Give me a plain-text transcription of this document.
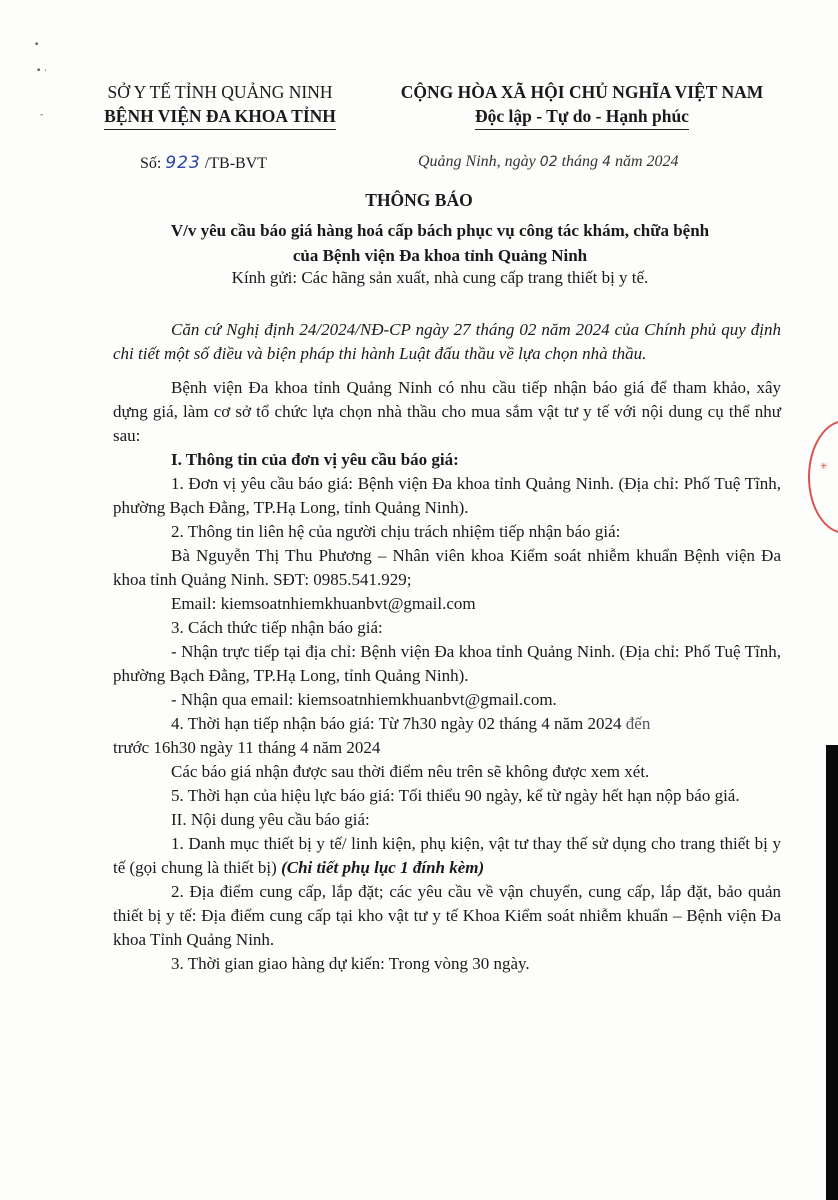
•
• ·
-
SỞ Y TẾ TỈNH QUẢNG NINH
BỆNH VIỆN ĐA KHOA TỈNH
CỘNG HÒA XÃ HỘI CHỦ NGHĨA VIỆT NAM
Độc lập - Tự do - Hạnh phúc
Số: 923 /TB-BVT	Quảng Ninh, ngày 02 tháng 4 năm 2024
THÔNG BÁO
V/v yêu cầu báo giá hàng hoá cấp bách phục vụ công tác khám, chữa bệnh
của Bệnh viện Đa khoa tỉnh Quảng Ninh
Kính gửi: Các hãng sản xuất, nhà cung cấp trang thiết bị y tế.

Căn cứ Nghị định 24/2024/NĐ-CP ngày 27 tháng 02 năm 2024 của Chính phủ quy định chi tiết một số điều và biện pháp thi hành Luật đấu thầu về lựa chọn nhà thầu.

Bệnh viện Đa khoa tỉnh Quảng Ninh có nhu cầu tiếp nhận báo giá để tham khảo, xây dựng giá, làm cơ sở tổ chức lựa chọn nhà thầu cho mua sắm vật tư y tế với nội dung cụ thể như sau:

I. Thông tin của đơn vị yêu cầu báo giá:

1. Đơn vị yêu cầu báo giá: Bệnh viện Đa khoa tỉnh Quảng Ninh. (Địa chỉ: Phố Tuệ Tĩnh, phường Bạch Đằng, TP.Hạ Long, tỉnh Quảng Ninh).

2. Thông tin liên hệ của người chịu trách nhiệm tiếp nhận báo giá:

Bà Nguyễn Thị Thu Phương – Nhân viên khoa Kiểm soát nhiễm khuẩn Bệnh viện Đa khoa tỉnh Quảng Ninh. SĐT: 0985.541.929;

Email: kiemsoatnhiemkhuanbvt@gmail.com

3. Cách thức tiếp nhận báo giá:

- Nhận trực tiếp tại địa chỉ: Bệnh viện Đa khoa tỉnh Quảng Ninh. (Địa chỉ: Phố Tuệ Tĩnh, phường Bạch Đằng, TP.Hạ Long, tỉnh Quảng Ninh).

- Nhận qua email: kiemsoatnhiemkhuanbvt@gmail.com.

4. Thời hạn tiếp nhận báo giá: Từ 7h30 ngày 02 tháng 4 năm 2024 đến

trước 16h30 ngày 11 tháng 4 năm 2024

Các báo giá nhận được sau thời điểm nêu trên sẽ không được xem xét.

5. Thời hạn của hiệu lực báo giá: Tối thiểu 90 ngày, kể từ ngày hết hạn nộp báo giá.

II. Nội dung yêu cầu báo giá:

1. Danh mục thiết bị y tế/ linh kiện, phụ kiện, vật tư thay thế sử dụng cho trang thiết bị y tế (gọi chung là thiết bị) (Chi tiết phụ lục 1 đính kèm)

2. Địa điểm cung cấp, lắp đặt; các yêu cầu về vận chuyển, cung cấp, lắp đặt, bảo quản thiết bị y tế: Địa điểm cung cấp tại kho vật tư y tế Khoa Kiểm soát nhiễm khuẩn – Bệnh viện Đa khoa Tỉnh Quảng Ninh.

3. Thời gian giao hàng dự kiến: Trong vòng 30 ngày.

✳
